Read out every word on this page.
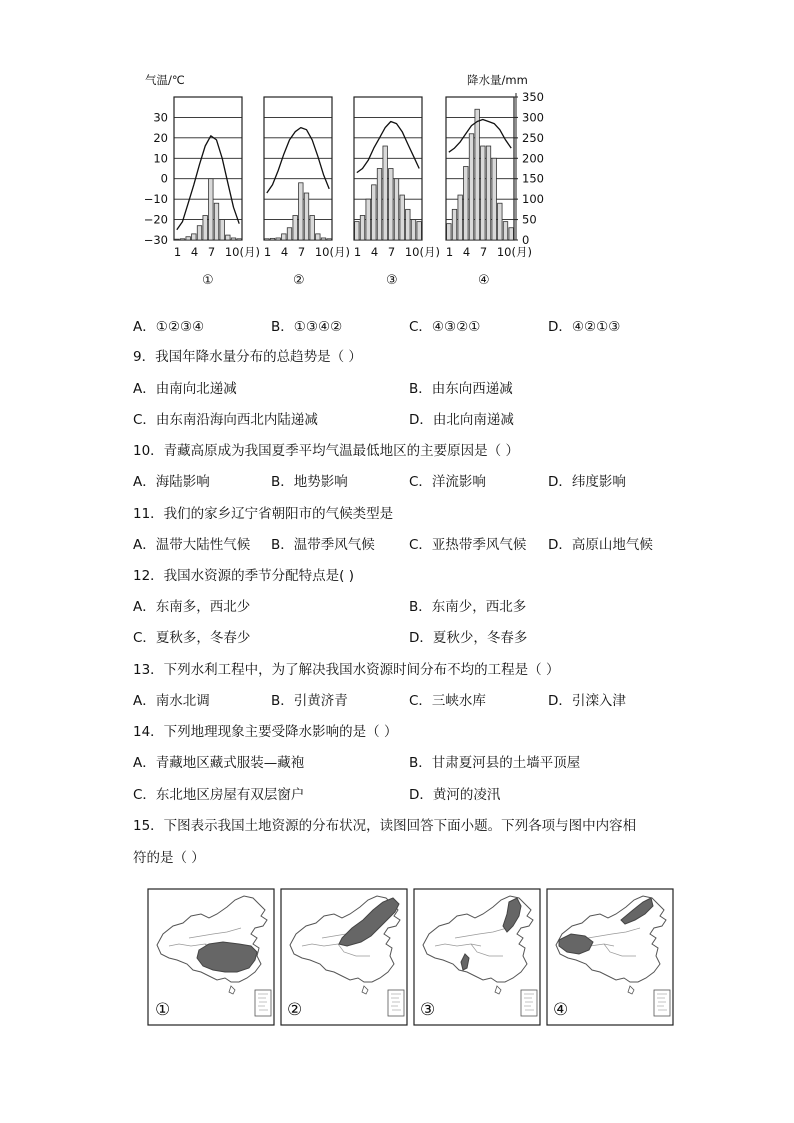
气温/℃	降水量/mm
30
20
10
0
−10
−20
−30
350
300
250
200
150
100
50
0
1 4 7 10(月) 1 4 7 10(月) 1 4 7 10(月) 1 4 7 10(月)
①	②	③	④
A．①②③④	B．①③④②	C．④③②①	D．④②①③
9．我国年降水量分布的总趋势是（ ）
A．由南向北递减	B．由东向西递减
C．由东南沿海向西北内陆递减	D．由北向南递减
10．青藏高原成为我国夏季平均气温最低地区的主要原因是（ ）
A．海陆影响	B．地势影响	C．洋流影响	D．纬度影响
11．我们的家乡辽宁省朝阳市的气候类型是
A．温带大陆性气候 B．温带季风气候	C．亚热带季风气候 D．高原山地气候
12．我国水资源的季节分配特点是( )
A．东南多，西北少	B．东南少，西北多
C．夏秋多，冬春少	D．夏秋少，冬春多
13．下列水利工程中，为了解决我国水资源时间分布不均的工程是（ ）
A．南水北调	B．引黄济青	C．三峡水库	D．引滦入津
14．下列地理现象主要受降水影响的是（ ）
A．青藏地区藏式服装—藏袍	B．甘肃夏河县的土墙平顶屋
C．东北地区房屋有双层窗户	D．黄河的凌汛
15．下图表示我国土地资源的分布状况，读图回答下面小题。下列各项与图中内容相
符的是（ ）
①	②	③	④
